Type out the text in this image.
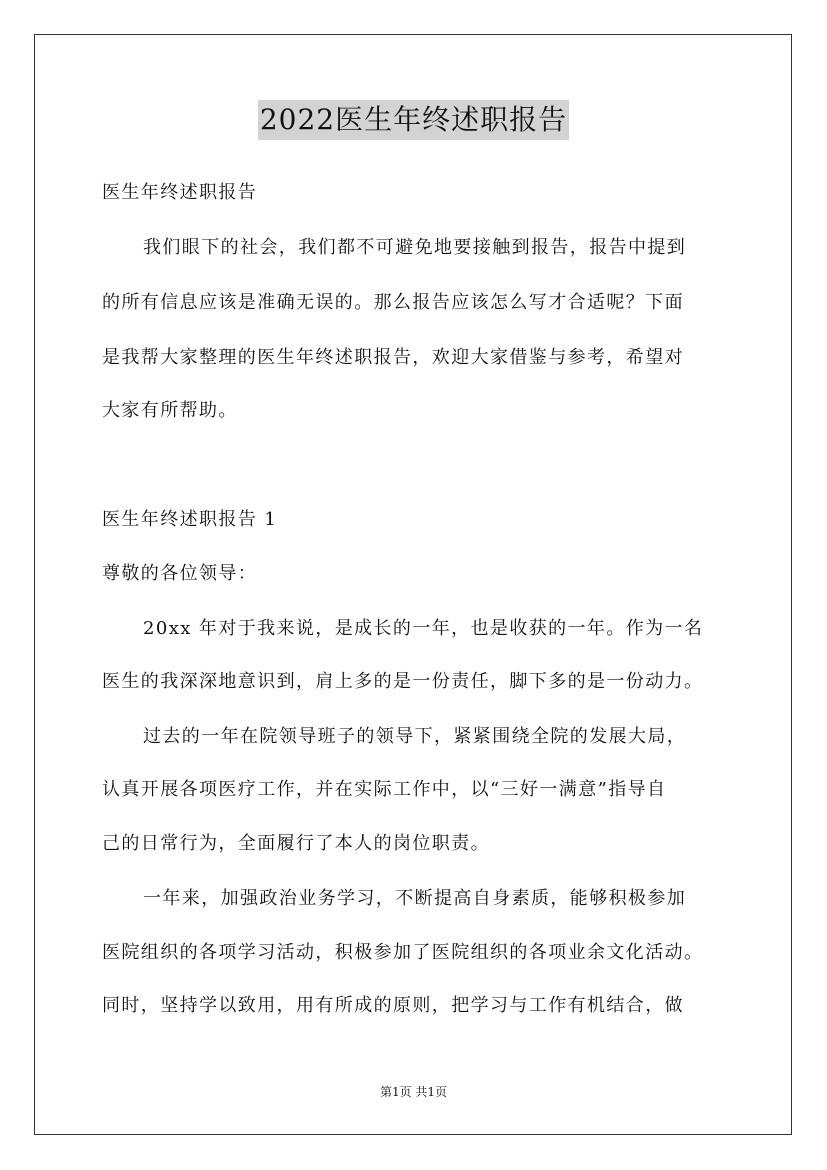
2022医生年终述职报告
医生年终述职报告
我们眼下的社会，我们都不可避免地要接触到报告，报告中提到
的所有信息应该是准确无误的。那么报告应该怎么写才合适呢？下面
是我帮大家整理的医生年终述职报告，欢迎大家借鉴与参考，希望对
大家有所帮助。
医生年终述职报告 1
尊敬的各位领导：
20xx 年对于我来说，是成长的一年，也是收获的一年。作为一名
医生的我深深地意识到，肩上多的是一份责任，脚下多的是一份动力。
过去的一年在院领导班子的领导下，紧紧围绕全院的发展大局，
认真开展各项医疗工作，并在实际工作中，以“三好一满意”指导自
己的日常行为，全面履行了本人的岗位职责。
一年来，加强政治业务学习，不断提高自身素质，能够积极参加
医院组织的各项学习活动，积极参加了医院组织的各项业余文化活动。
同时，坚持学以致用，用有所成的原则，把学习与工作有机结合，做
第1页 共1页
